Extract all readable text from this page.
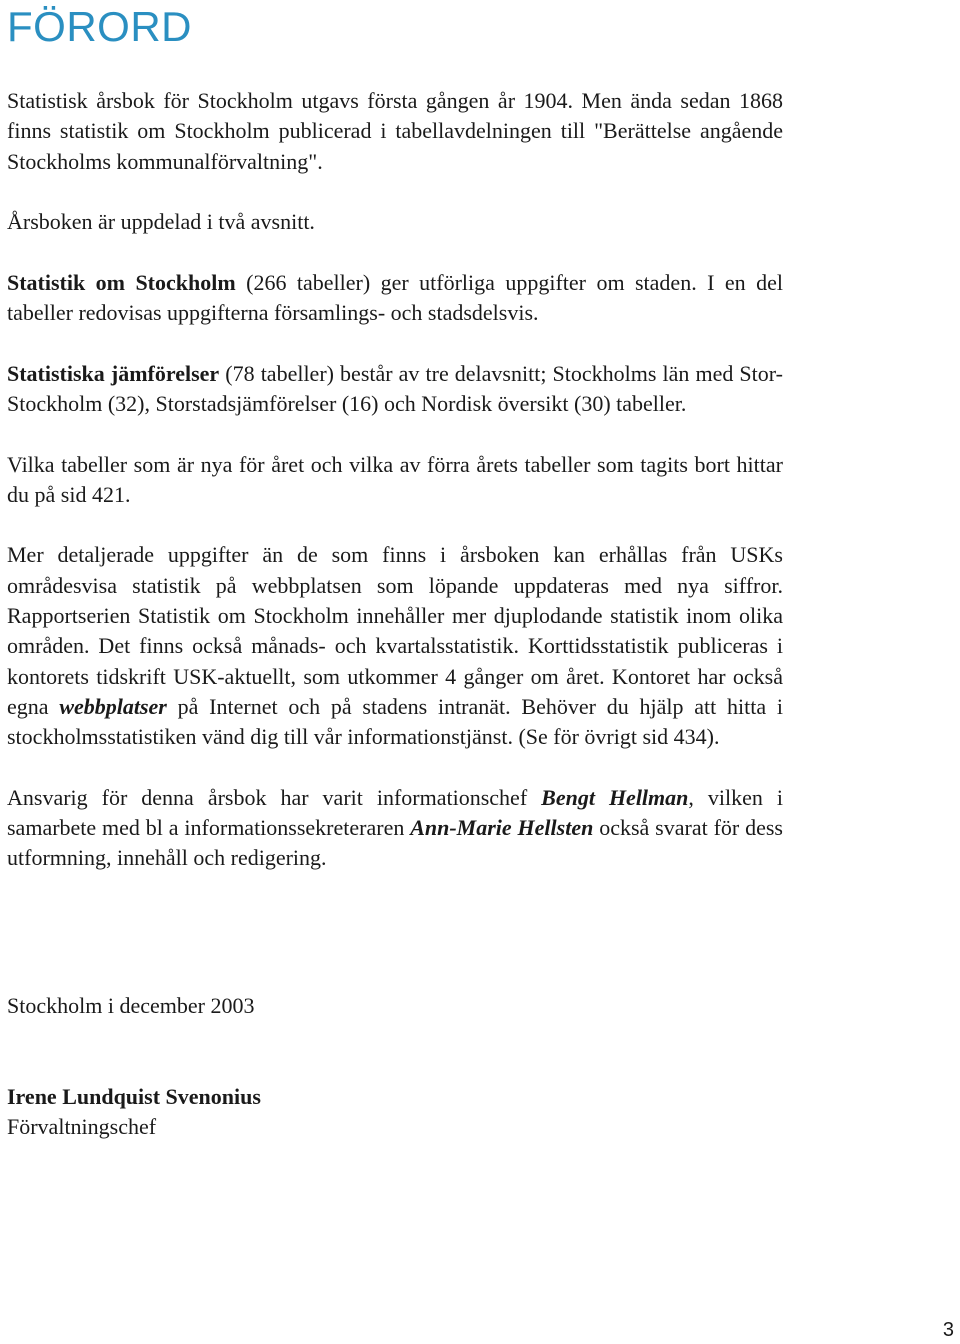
FÖRORD

Statistisk årsbok för Stockholm utgavs första gången år 1904. Men ända sedan 1868 finns statistik om Stockholm publicerad i tabellavdelningen till "Berättelse angående Stockholms kommunalförvaltning".

Årsboken är uppdelad i två avsnitt.

Statistik om Stockholm (266 tabeller) ger utförliga uppgifter om staden. I en del tabeller redovisas uppgifterna församlings- och stadsdelsvis.

Statistiska jämförelser (78 tabeller) består av tre delavsnitt; Stockholms län med Stor-Stockholm (32), Storstadsjämförelser (16) och Nordisk översikt (30) tabeller.

Vilka tabeller som är nya för året och vilka av förra årets tabeller som tagits bort hittar du på sid 421.

Mer detaljerade uppgifter än de som finns i årsboken kan erhållas från USKs områdesvisa statistik på webbplatsen som löpande uppdateras med nya siffror. Rapportserien Statistik om Stockholm innehåller mer djuplodande statistik inom olika områden. Det finns också månads- och kvartalsstatistik. Korttidsstatistik publiceras i kontorets tidskrift USK-aktuellt, som utkommer 4 gånger om året. Kontoret har också egna webbplatser på Internet och på stadens intranät. Behöver du hjälp att hitta i stockholmsstatistiken vänd dig till vår informationstjänst. (Se för övrigt sid 434).

Ansvarig för denna årsbok har varit informationschef Bengt Hellman, vilken i samarbete med bl a informationssekreteraren Ann-Marie Hellsten också svarat för dess utformning, innehåll och redigering.

Stockholm i december 2003
Irene Lundquist Svenonius
Förvaltningschef
3
